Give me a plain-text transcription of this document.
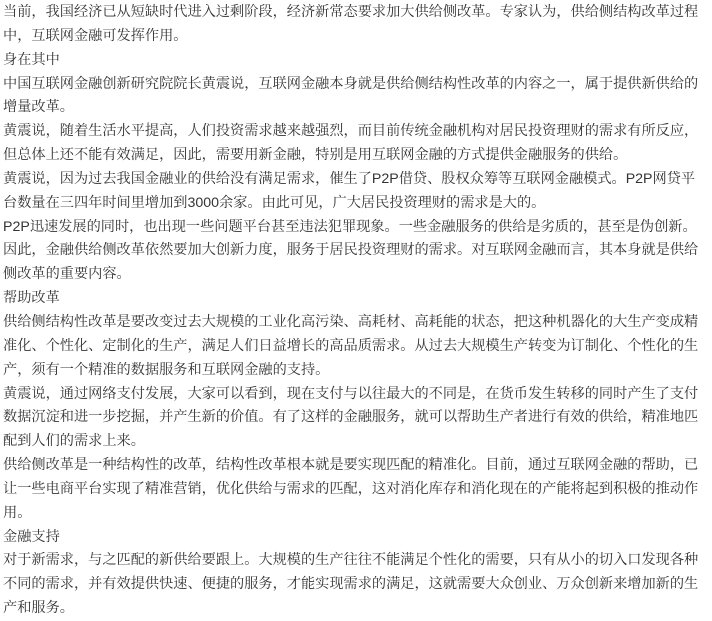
当前，我国经济已从短缺时代进入过剩阶段，经济新常态要求加大供给侧改革。专家认为，供给侧结构改革过程中，互联网金融可发挥作用。

身在其中

中国互联网金融创新研究院院长黄震说，互联网金融本身就是供给侧结构性改革的内容之一，属于提供新供给的增量改革。

黄震说，随着生活水平提高，人们投资需求越来越强烈，而目前传统金融机构对居民投资理财的需求有所反应，但总体上还不能有效满足，因此，需要用新金融，特别是用互联网金融的方式提供金融服务的供给。

黄震说，因为过去我国金融业的供给没有满足需求，催生了P2P借贷、股权众筹等互联网金融模式。P2P网贷平台数量在三四年时间里增加到3000余家。由此可见，广大居民投资理财的需求是大的。

P2P迅速发展的同时，也出现一些问题平台甚至违法犯罪现象。一些金融服务的供给是劣质的，甚至是伪创新。因此，金融供给侧改革依然要加大创新力度，服务于居民投资理财的需求。对互联网金融而言，其本身就是供给侧改革的重要内容。

帮助改革

供给侧结构性改革是要改变过去大规模的工业化高污染、高耗材、高耗能的状态，把这种机器化的大生产变成精准化、个性化、定制化的生产，满足人们日益增长的高品质需求。从过去大规模生产转变为订制化、个性化的生产，须有一个精准的数据服务和互联网金融的支持。

黄震说，通过网络支付发展，大家可以看到，现在支付与以往最大的不同是，在货币发生转移的同时产生了支付数据沉淀和进一步挖掘，并产生新的价值。有了这样的金融服务，就可以帮助生产者进行有效的供给，精准地匹配到人们的需求上来。

供给侧改革是一种结构性的改革，结构性改革根本就是要实现匹配的精准化。目前，通过互联网金融的帮助，已让一些电商平台实现了精准营销，优化供给与需求的匹配，这对消化库存和消化现在的产能将起到积极的推动作用。

金融支持

对于新需求，与之匹配的新供给要跟上。大规模的生产往往不能满足个性化的需要，只有从小的切入口发现各种不同的需求，并有效提供快速、便捷的服务，才能实现需求的满足，这就需要大众创业、万众创新来增加新的生产和服务。
